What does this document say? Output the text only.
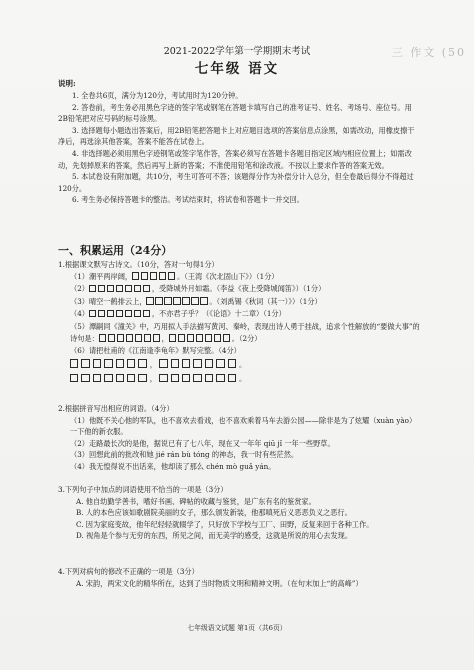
三 作文 (50
2021-2022学年第一学期期末考试
七年级 语文
说明:

1. 全卷共6页，满分为120分，考试用时为120分钟。

2. 答卷前，考生务必用黑色字迹的签字笔或钢笔在答题卡填写自己的准考证号、姓名、考场号、座位号。用2B铅笔把对应号码的标号涂黑。

3. 选择题每小题选出答案后，用2B铅笔把答题卡上对应题目选项的答案信息点涂黑，如需改动，用橡皮擦干净后，再选涂其他答案，答案不能答在试卷上。

4. 非选择题必须用黑色字迹钢笔或签字笔作答，答案必须写在答题卡各题目指定区域内相应位置上；如需改动，先划掉原来的答案，然后再写上新的答案；不准使用铅笔和涂改液。不按以上要求作答的答案无效。

5. 本试卷设有附加题，共10分，考生可答可不答；该题得分作为补偿分计入总分，但全卷最后得分不得超过120分。

6. 考生务必保持答题卡的整洁。考试结束时，将试卷和答题卡一并交回。

一、积累运用（24分）

1.根据课文默写古诗文。（10分，答对一句得1分）

（1）潮平两岸阔，	。（王湾《次北固山下》）（1分）

（2）	，受降城外月如霜。（李益《夜上受降城闻笛》）（1分）

（3）晴空一鹤排云上，	。（刘禹锡《秋词（其一）》）（1分）

（4）	，不亦君子乎？（《论语》十二章）（1分）

（5）潭嗣同《潼关》中，巧用拟人手法描写黄河、秦岭，表现出诗人勇于挂战，追求个性解放的“要做大事”的诗句是：	，	。（2分）

（6）请把杜甫的《江南逢李龟年》默写完整。（4分）

，	。

，	。

2.根据拼音写出相应的词语。（4分）

（1）他既不关心他的军队，也不喜欢去看戏，也不喜欢乘着马车去游公园——除非是为了炫耀（xuàn yào）一下他的新衣服。

（2）走路最长次的是他，据说已有了七八年，现在又一年年 qiū jǐ 一年一些野草。

（3）回想此前的批改和她 jié rán bù tóng 的神态，我一时有些茫然。

（4）我无惶得说不出话来，他却读了那么 chén mò guǎ yán。

3.下列句子中加点的词语使用不恰当的一项是（3分）

A. 他自幼勤学善书，嗜好书画、碑帖的收藏与鉴赏，是广东有名的鉴赏家。

B. 人的本色应该如歌剧院美丽的女子，那么颁发新装，他那嗔死后义恶恶负义之恶行。

C. 因为家庭变故，他年纪轻轻就辍学了，只好放下学校与工厂、田野，反复来回于各种工作。

D. 视角是个参与无穷的东西，所见之间，而无美学的感受，这就是所说的用心去发现。

4.下列对病句的修改不正确的一项是（3分）

A. 宋韵，两宋文化的精华所在，达到了当时物质文明和精神文明。（在句末加上“的高峰”）

七年级语文试题 第1页（共6页）
